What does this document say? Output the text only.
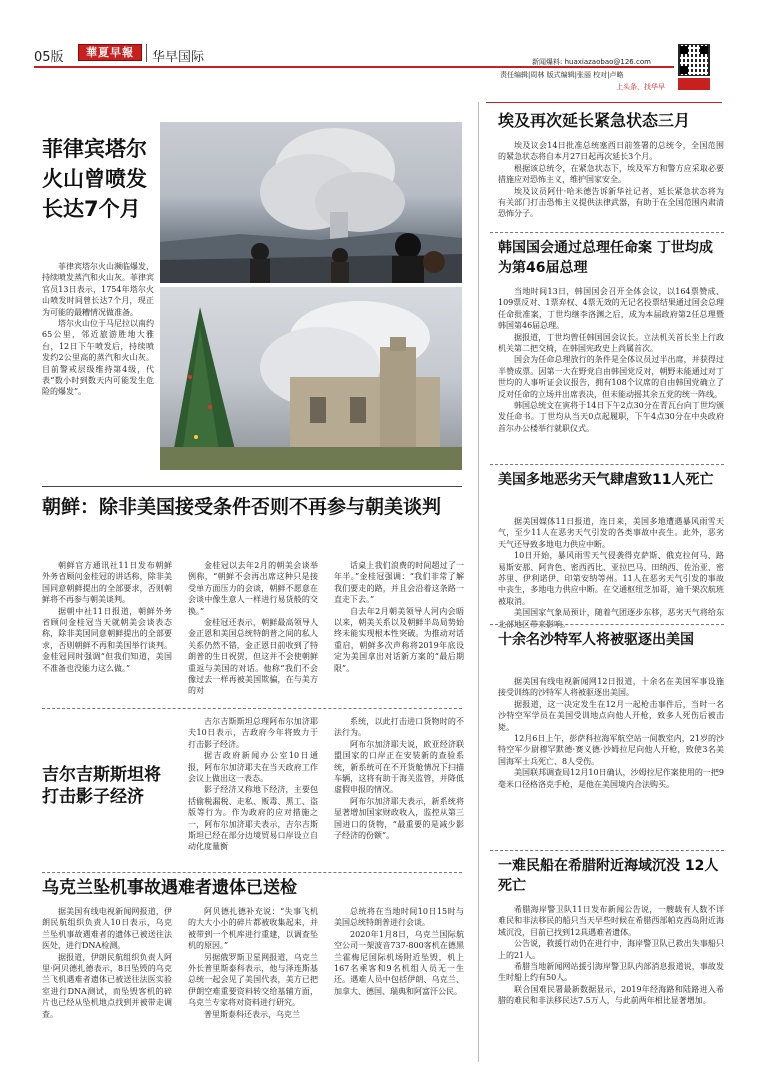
05版	華夏早報	华早国际	新闻爆料: huaxiazaobao@126.com
责任编辑|周林 版式编辑|张丽 校对|卢略
上头条，找华早
菲律宾塔尔火山曾喷发长达7个月

菲律宾塔尔火山濒临爆发，持续喷发蒸汽和火山灰。菲律宾官员13日表示，1754年塔尔火山喷发时间曾长达7个月，现正为可能的最糟情况做准备。

塔尔火山位于马尼拉以南约65公里，邻近旅游胜地大雅台，12日下午喷发后，持续喷发约2公里高的蒸汽和火山灰。目前警戒层级维持第4级，代表“数小时到数天内可能发生危险的爆发”。

朝鲜：除非美国接受条件否则不再参与朝美谈判

朝鲜官方通讯社11日发布朝鲜外务省顾问金桂冠的讲话称，除非美国同意朝鲜提出的全部要求，否则朝鲜将不再参与朝美谈判。

据朝中社11日报道，朝鲜外务省顾问金桂冠当天就朝美会谈表态称，除非美国同意朝鲜提出的全部要求，否则朝鲜不再和美国举行谈判。金桂冠同时强调“但我们知道，美国不准备也没能力这么做。”

金桂冠以去年2月的朝美会谈举例称，“朝鲜不会再出席这种只是接受单方面压力的会谈，朝鲜不愿意在会谈中像生意人一样进行易货般的交换。”

金桂冠还表示，朝鲜最高领导人金正恩和美国总统特朗普之间的私人关系仍然不错，金正恩日前收到了特朗普的生日祝贺，但这并不会使朝鲜重返与美国的对话。他称“我们不会像过去一样再被美国欺骗，在与美方的对

话桌上我们浪费的时间超过了一年半。”金桂冠强调：“我们非常了解我们要走的路，并且会沿着这条路一直走下去。”

自去年2月朝美领导人河内会晤以来，朝美关系以及朝鲜半岛局势始终未能实现根本性突破。为推动对话重启，朝鲜多次声称将2019年底设定为美国拿出对话新方案的“最后期限”。

吉尔吉斯斯坦将打击影子经济

吉尔吉斯斯坦总理阿布尔加济耶夫10日表示，吉政府今年将致力于打击影子经济。

据吉政府新闻办公室10日通报，阿布尔加济耶夫在当天政府工作会议上做出这一表态。

影子经济又称地下经济，主要包括偷税漏税、走私、贩毒、黑工、盗版等行为。作为政府的应对措施之一，阿布尔加济耶夫表示，吉尔吉斯斯坦已经在部分边境贸易口岸设立自动化度量衡

系统，以此打击进口货物时的不法行为。

阿布尔加济耶夫说，欧亚经济联盟国家的口岸正在安装新的查验系统，新系统可在不开货舱情况下扫描车辆，这将有助于海关监管，并降低虚假申报的情况。

阿布尔加济耶夫表示，新系统将显著增加国家财政收入，监控从第三国进口的货物，“最重要的是减少影子经济的份额”。

乌克兰坠机事故遇难者遗体已送检

据美国有线电视新闻网报道，伊朗民航组织负责人10日表示，乌克兰坠机事故遇难者的遗体已被送往法医处，进行DNA检测。

据报道，伊朗民航组织负责人阿里·阿贝德扎德表示，8日坠毁的乌克兰飞机遇难者遗体已被送往法医实验室进行DNA测试，而坠毁客机的碎片也已经从坠机地点找到并被带走调查。

阿贝德扎德补充说：“失事飞机的大大小小的碎片都被收集起来，并被带到一个机库进行重建，以调查坠机的原因。”

另据俄罗斯卫星网报道，乌克兰外长普里斯泰科表示，他与泽连斯基总统一起会见了美国代表，美方已把伊朗空难重要资料转交给基辅方面，乌克兰专家将对资料进行研究。

普里斯泰科还表示，乌克兰

总统将在当地时间10日15时与美国总统特朗普进行会谈。

2020年1月8日，乌克兰国际航空公司一架波音737-800客机在德黑兰霍梅尼国际机场附近坠毁，机上167名乘客和9名机组人员无一生还。遇难人员中包括伊朗、乌克兰、加拿大、德国、瑞典和阿富汗公民。

埃及再次延长紧急状态三月

埃及议会14日批准总统塞西日前签署的总统令，全国范围的紧急状态将自本月27日起再次延长3个月。

根据该总统令，在紧急状态下，埃及军方和警方应采取必要措施应对恐怖主义，维护国家安全。

埃及议员阿什·哈米德告诉新华社记者，延长紧急状态将为有关部门打击恐怖主义提供法律武器，有助于在全国范围内肃清恐怖分子。

韩国国会通过总理任命案 丁世均成为第46届总理

当地时间13日，韩国国会召开全体会议，以164票赞成、109票反对、1票弃权、4票无效的无记名投票结果通过国会总理任命批准案，丁世均继李洛渊之后，成为本届政府第2任总理暨韩国第46届总理。

据报道，丁世均曾任韩国国会议长。立法机关首长坐上行政机关第二把交椅，在韩国宪政史上尚属首次。

国会为任命总理放行的条件是全体议员过半出席，并获得过半赞成票。因第一大在野党自由韩国党反对，朝野未能通过对丁世均的人事听证会议报告，拥有108个议席的自由韩国党确立了反对任命的立场并出席表决，但未能动摇其余五党的统一阵线。

韩国总统文在寅将于14日下午2点30分在青瓦台向丁世均颁发任命书。丁世均从当天0点起履职，下午4点30分在中央政府首尔办公楼举行就职仪式。

美国多地恶劣天气肆虐致11人死亡

据美国媒体11日报道，连日来，美国多地遭遇暴风雨雪天气，至少11人在恶劣天气引发的各类事故中丧生。此外，恶劣天气还导致多地电力供应中断。

10日开始，暴风雨雪天气侵袭得克萨斯、俄克拉何马、路易斯安那、阿肯色、密西西比、亚拉巴马、田纳西、佐治亚、密苏里、伊利诺伊、印第安纳等州。11人在恶劣天气引发的事故中丧生，多地电力供应中断。在交通枢纽芝加哥，逾千架次航班被取消。

美国国家气象局预计，随着气团逐步东移，恶劣天气将给东北部地区带来影响。

十余名沙特军人将被驱逐出美国

据美国有线电视新闻网12日报道，十余名在美国军事设施接受训练的沙特军人将被驱逐出美国。

据报道，这一决定发生在12月一起枪击事件后，当时一名沙特空军学员在美国受训地点向他人开枪，致多人死伤后被击毙。

12月6日上午，彭萨科拉海军航空站一间教室内，21岁的沙特空军少尉穆罕默德·赛义德·沙姆拉尼向他人开枪，致使3名美国海军士兵死亡、8人受伤。

美国联邦调查局12月10日确认，沙姆拉尼作案使用的一把9毫米口径格洛克手枪，是他在美国境内合法购买。

一难民船在希腊附近海域沉没 12人死亡

希腊海岸警卫队11日发布新闻公告说，一艘载有人数不详难民和非法移民的船只当天早些时候在希腊西部帕克西岛附近海域沉没，目前已找到12具遇难者遗体。

公告说，救援行动仍在进行中，海岸警卫队已救出失事船只上的21人。

希腊当地新闻网站援引海岸警卫队内部消息报道说，事故发生时船上约有50人。

联合国难民署最新数据显示，2019年经海路和陆路进入希腊的难民和非法移民达7.5万人，与此前两年相比显著增加。
